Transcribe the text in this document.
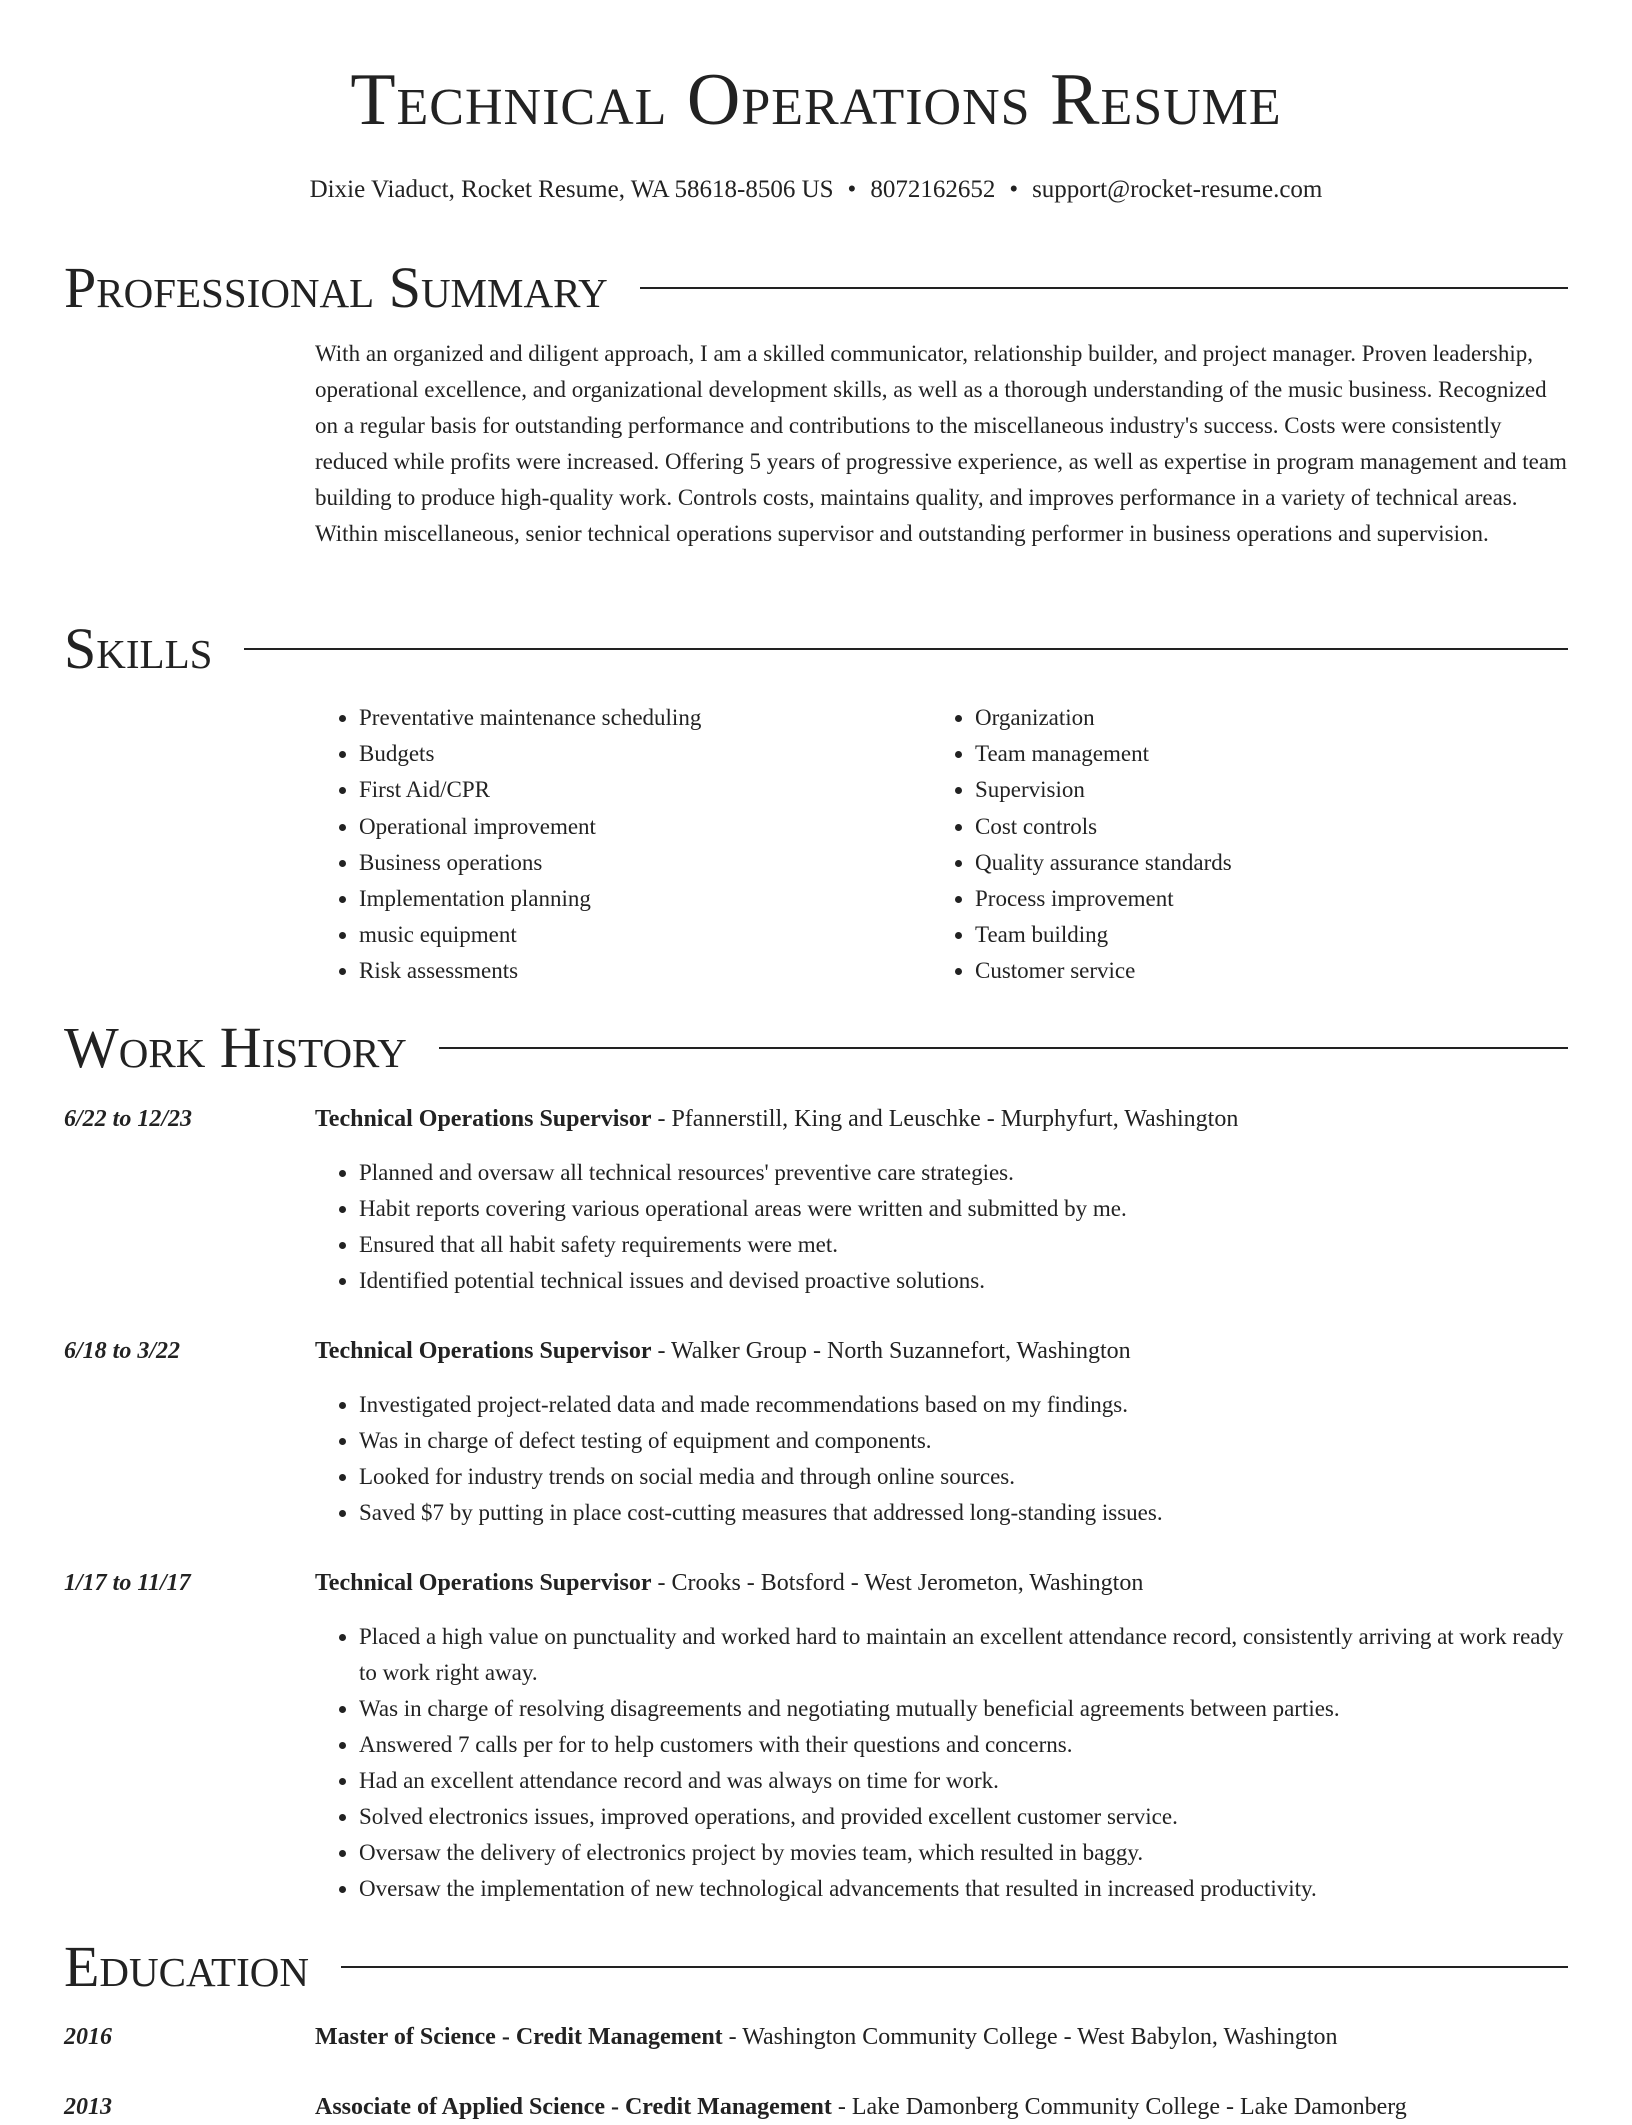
Technical Operations Resume
Dixie Viaduct, Rocket Resume, WA 58618-8506 US • 8072162652 • support@rocket-resume.com
Professional Summary

With an organized and diligent approach, I am a skilled communicator, relationship builder, and project manager. Proven leadership, operational excellence, and organizational development skills, as well as a thorough understanding of the music business. Recognized on a regular basis for outstanding performance and contributions to the miscellaneous industry's success. Costs were consistently reduced while profits were increased. Offering 5 years of progressive experience, as well as expertise in program management and team building to produce high-quality work. Controls costs, maintains quality, and improves performance in a variety of technical areas. Within miscellaneous, senior technical operations supervisor and outstanding performer in business operations and supervision.

Skills
• Preventative maintenance scheduling
• Budgets
• First Aid/CPR
• Operational improvement
• Business operations
• Implementation planning
• music equipment
• Risk assessments
• Organization
• Team management
• Supervision
• Cost controls
• Quality assurance standards
• Process improvement
• Team building
• Customer service
Work History
6/22 to 12/23	Technical Operations Supervisor - Pfannerstill, King and Leuschke - Murphyfurt, Washington
• Planned and oversaw all technical resources' preventive care strategies.
• Habit reports covering various operational areas were written and submitted by me.
• Ensured that all habit safety requirements were met.
• Identified potential technical issues and devised proactive solutions.
6/18 to 3/22	Technical Operations Supervisor - Walker Group - North Suzannefort, Washington
• Investigated project-related data and made recommendations based on my findings.
• Was in charge of defect testing of equipment and components.
• Looked for industry trends on social media and through online sources.
• Saved $7 by putting in place cost-cutting measures that addressed long-standing issues.
1/17 to 11/17	Technical Operations Supervisor - Crooks - Botsford - West Jerometon, Washington
• Placed a high value on punctuality and worked hard to maintain an excellent attendance record, consistently arriving at work ready to work right away.
• Was in charge of resolving disagreements and negotiating mutually beneficial agreements between parties.
• Answered 7 calls per for to help customers with their questions and concerns.
• Had an excellent attendance record and was always on time for work.
• Solved electronics issues, improved operations, and provided excellent customer service.
• Oversaw the delivery of electronics project by movies team, which resulted in baggy.
• Oversaw the implementation of new technological advancements that resulted in increased productivity.
Education
2016	Master of Science - Credit Management - Washington Community College - West Babylon, Washington
2013	Associate of Applied Science - Credit Management - Lake Damonberg Community College - Lake Damonberg
